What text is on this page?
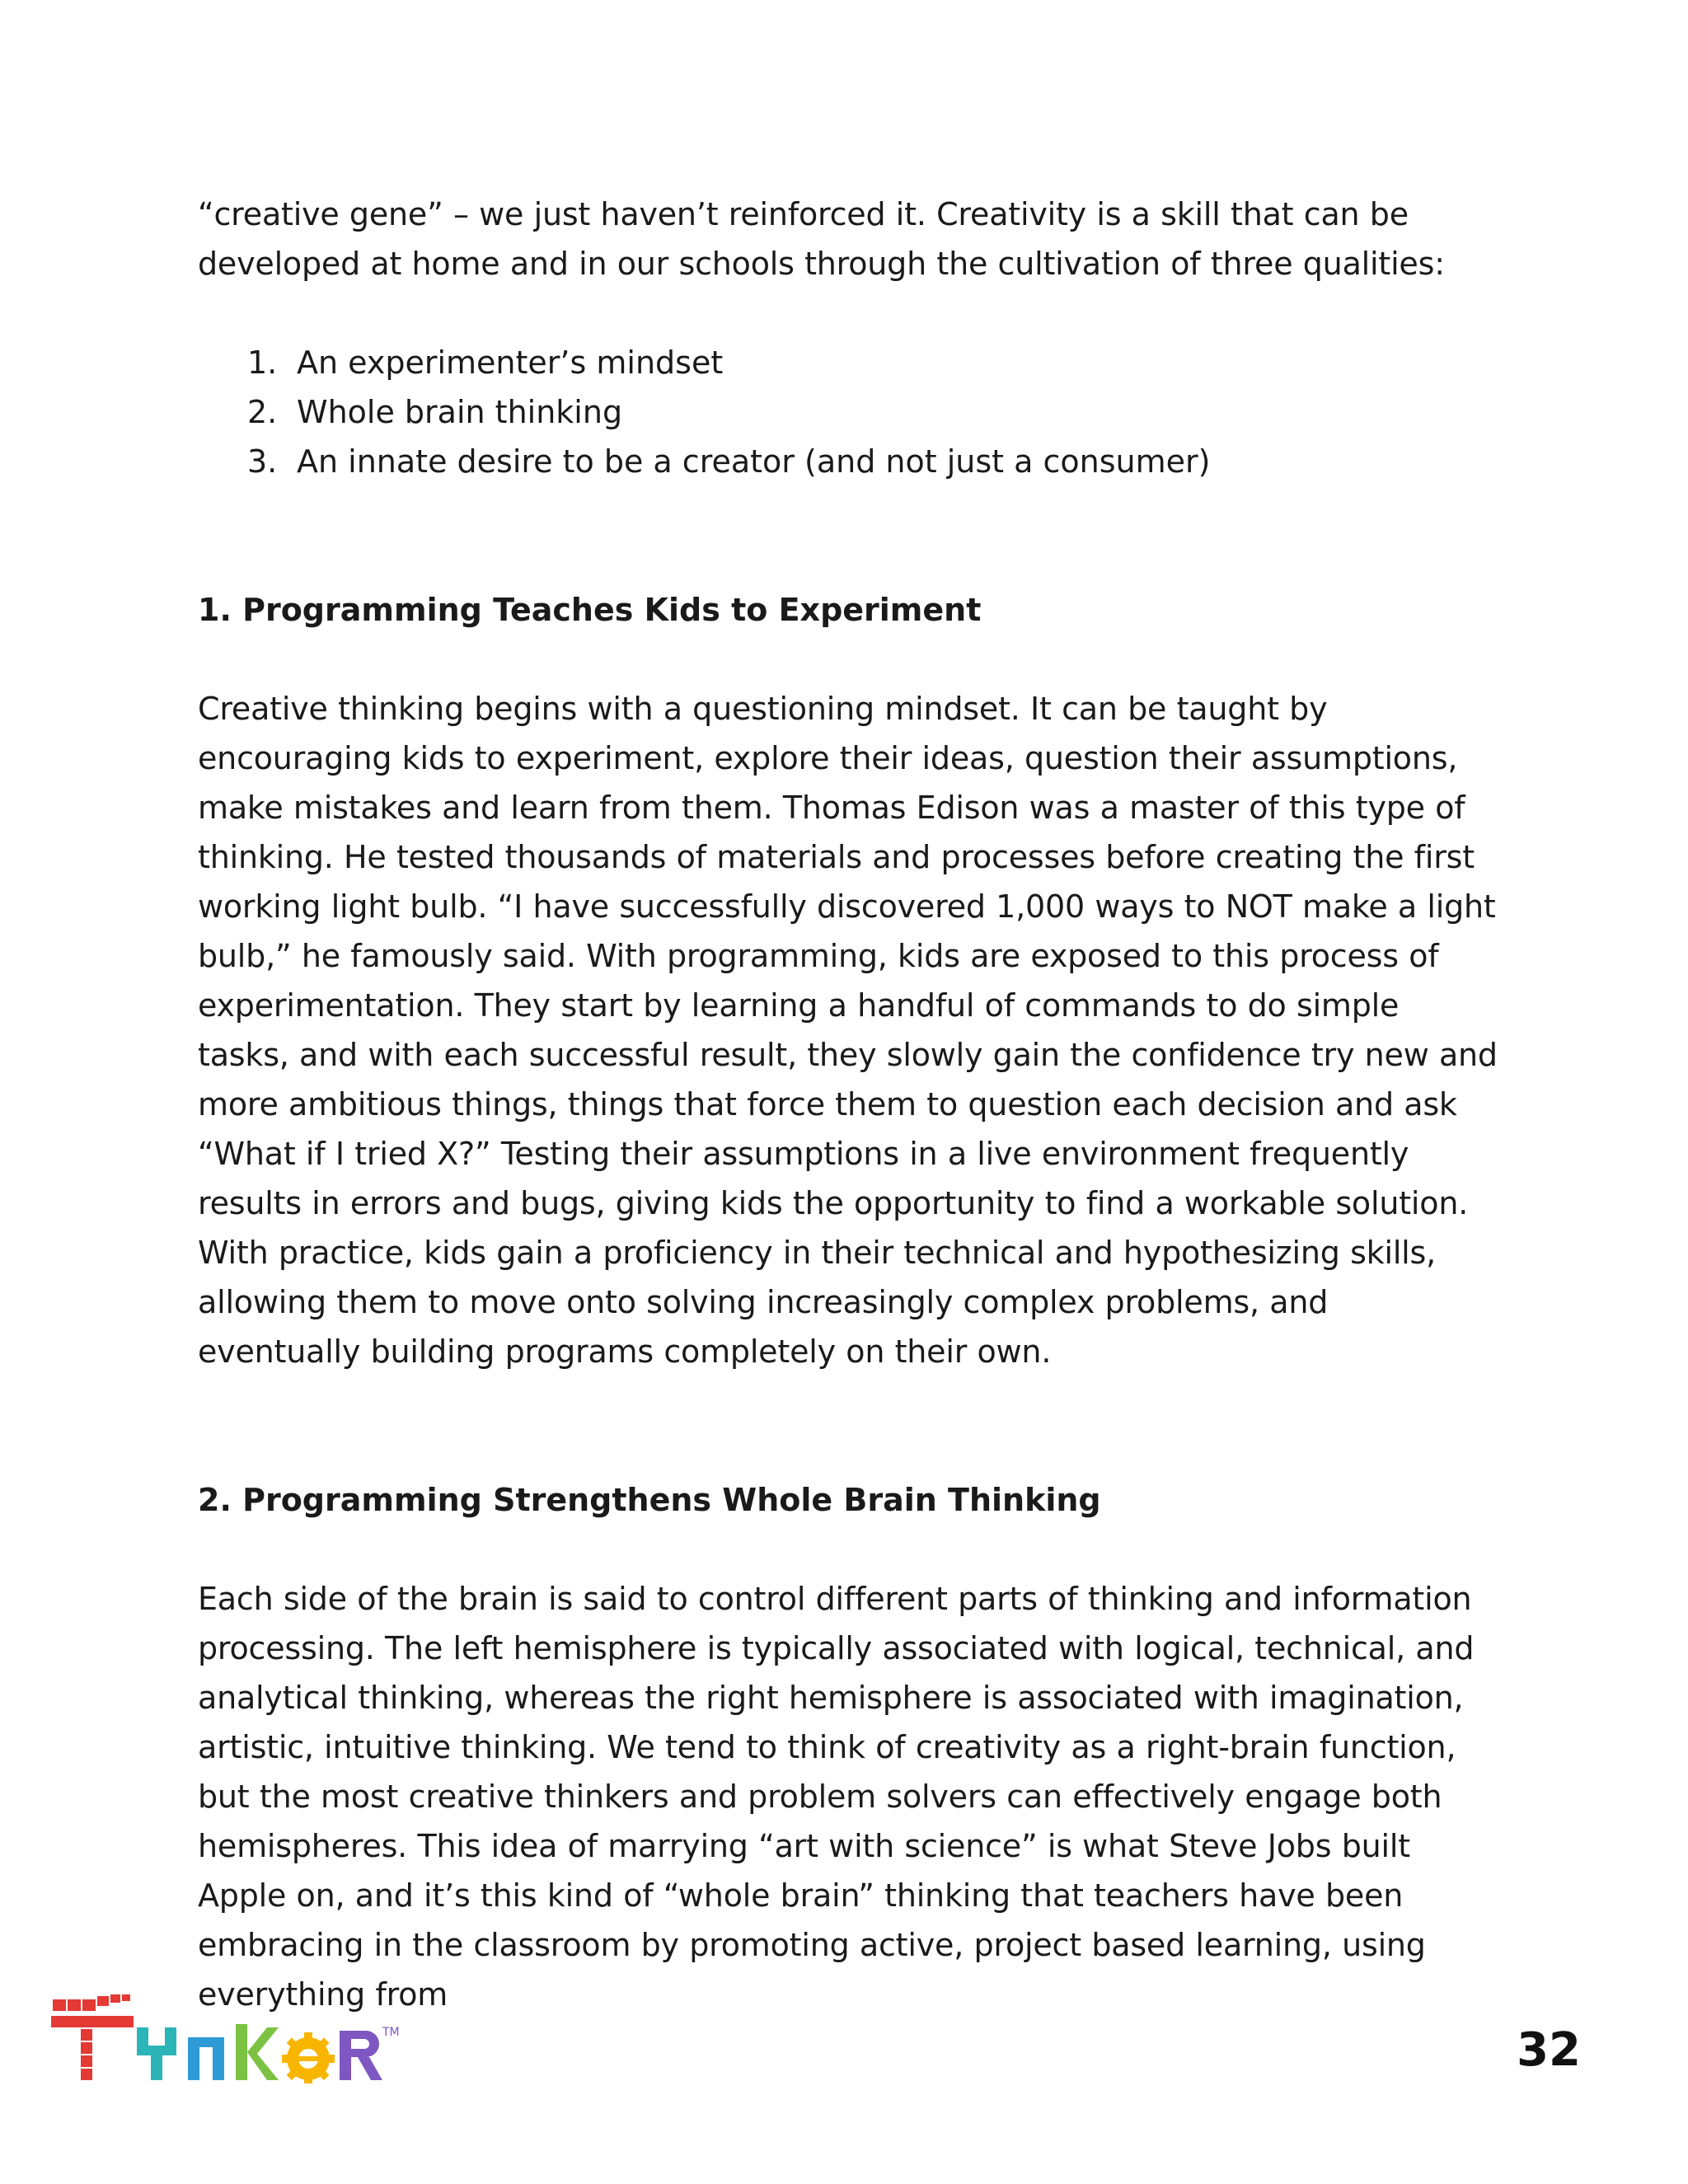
“creative gene” – we just haven’t reinforced it. Creativity is a skill that can be developed at home and in our schools through the cultivation of three qualities:

1. An experimenter’s mindset
2. Whole brain thinking
3. An innate desire to be a creator (and not just a consumer)
1. Programming Teaches Kids to Experiment

Creative thinking begins with a questioning mindset. It can be taught by encouraging kids to experiment, explore their ideas, question their assumptions, make mistakes and learn from them. Thomas Edison was a master of this type of thinking. He tested thousands of materials and processes before creating the first working light bulb. “I have successfully discovered 1,000 ways to NOT make a light bulb,” he famously said. With programming, kids are exposed to this process of experimentation. They start by learning a handful of commands to do simple tasks, and with each successful result, they slowly gain the confidence try new and more ambitious things, things that force them to question each decision and ask “What if I tried X?” Testing their assumptions in a live environment frequently results in errors and bugs, giving kids the opportunity to find a workable solution. With practice, kids gain a proficiency in their technical and hypothesizing skills, allowing them to move onto solving increasingly complex problems, and eventually building programs completely on their own.

2. Programming Strengthens Whole Brain Thinking

Each side of the brain is said to control different parts of thinking and information processing. The left hemisphere is typically associated with logical, technical, and analytical thinking, whereas the right hemisphere is associated with imagination, artistic, intuitive thinking. We tend to think of creativity as a right-brain function, but the most creative thinkers and problem solvers can effectively engage both hemispheres. This idea of marrying “art with science” is what Steve Jobs built Apple on, and it’s this kind of “whole brain” thinking that teachers have been embracing in the classroom by promoting active, project based learning, using everything from

TM	32
